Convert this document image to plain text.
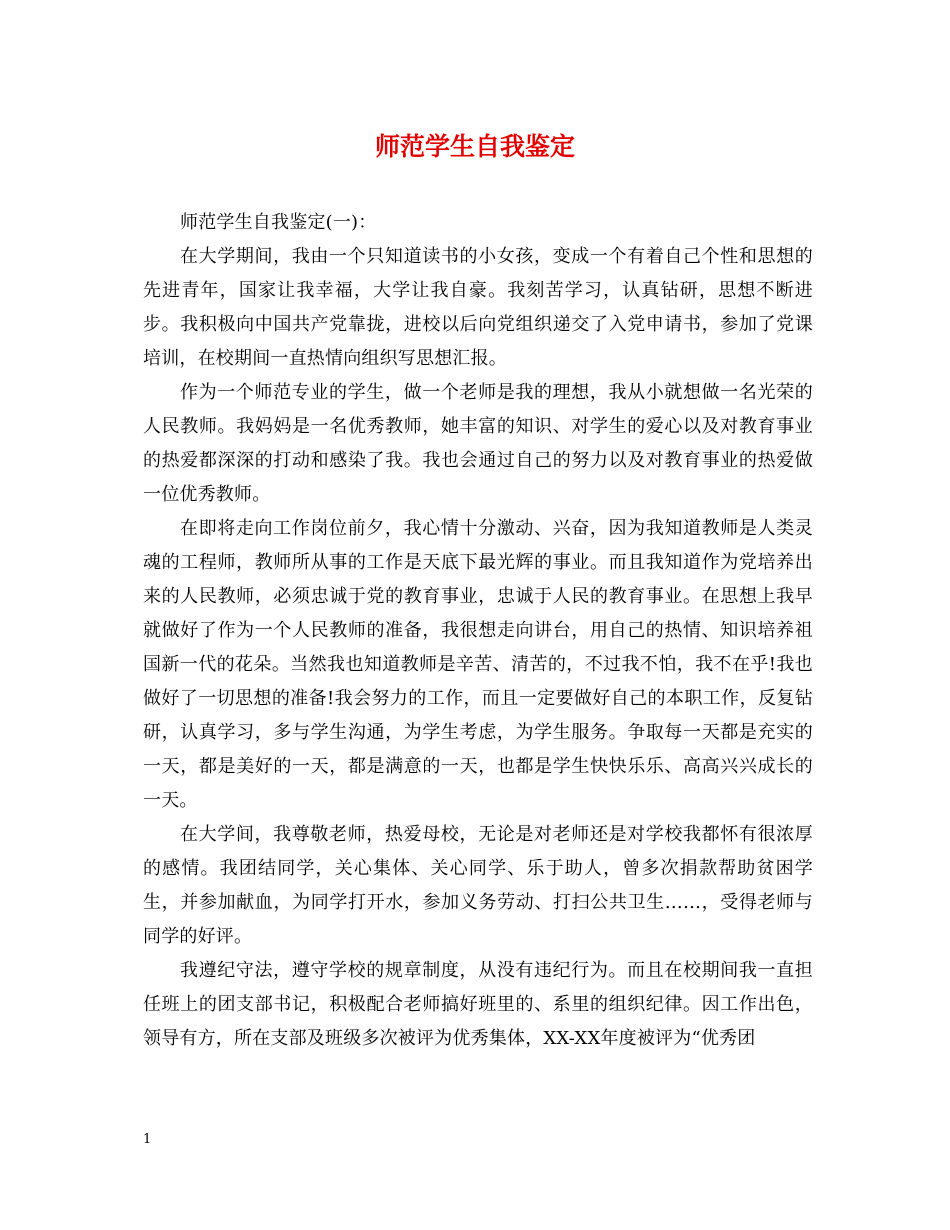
师范学生自我鉴定

师范学生自我鉴定(一)：

在大学期间，我由一个只知道读书的小女孩，变成一个有着自己个性和思想的先进青年，国家让我幸福，大学让我自豪。我刻苦学习，认真钻研，思想不断进步。我积极向中国共产党靠拢，进校以后向党组织递交了入党申请书，参加了党课培训，在校期间一直热情向组织写思想汇报。

作为一个师范专业的学生，做一个老师是我的理想，我从小就想做一名光荣的人民教师。我妈妈是一名优秀教师，她丰富的知识、对学生的爱心以及对教育事业的热爱都深深的打动和感染了我。我也会通过自己的努力以及对教育事业的热爱做一位优秀教师。

在即将走向工作岗位前夕，我心情十分激动、兴奋，因为我知道教师是人类灵魂的工程师，教师所从事的工作是天底下最光辉的事业。而且我知道作为党培养出来的人民教师，必须忠诚于党的教育事业，忠诚于人民的教育事业。在思想上我早就做好了作为一个人民教师的准备，我很想走向讲台，用自己的热情、知识培养祖国新一代的花朵。当然我也知道教师是辛苦、清苦的，不过我不怕，我不在乎!我也做好了一切思想的准备!我会努力的工作，而且一定要做好自己的本职工作，反复钻研，认真学习，多与学生沟通，为学生考虑，为学生服务。争取每一天都是充实的一天，都是美好的一天，都是满意的一天，也都是学生快快乐乐、高高兴兴成长的一天。

在大学间，我尊敬老师，热爱母校，无论是对老师还是对学校我都怀有很浓厚的感情。我团结同学，关心集体、关心同学、乐于助人，曾多次捐款帮助贫困学生，并参加献血，为同学打开水，参加义务劳动、打扫公共卫生……，受得老师与同学的好评。

我遵纪守法，遵守学校的规章制度，从没有违纪行为。而且在校期间我一直担任班上的团支部书记，积极配合老师搞好班里的、系里的组织纪律。因工作出色，领导有方，所在支部及班级多次被评为优秀集体，XX-XX年度被评为“优秀团

1
